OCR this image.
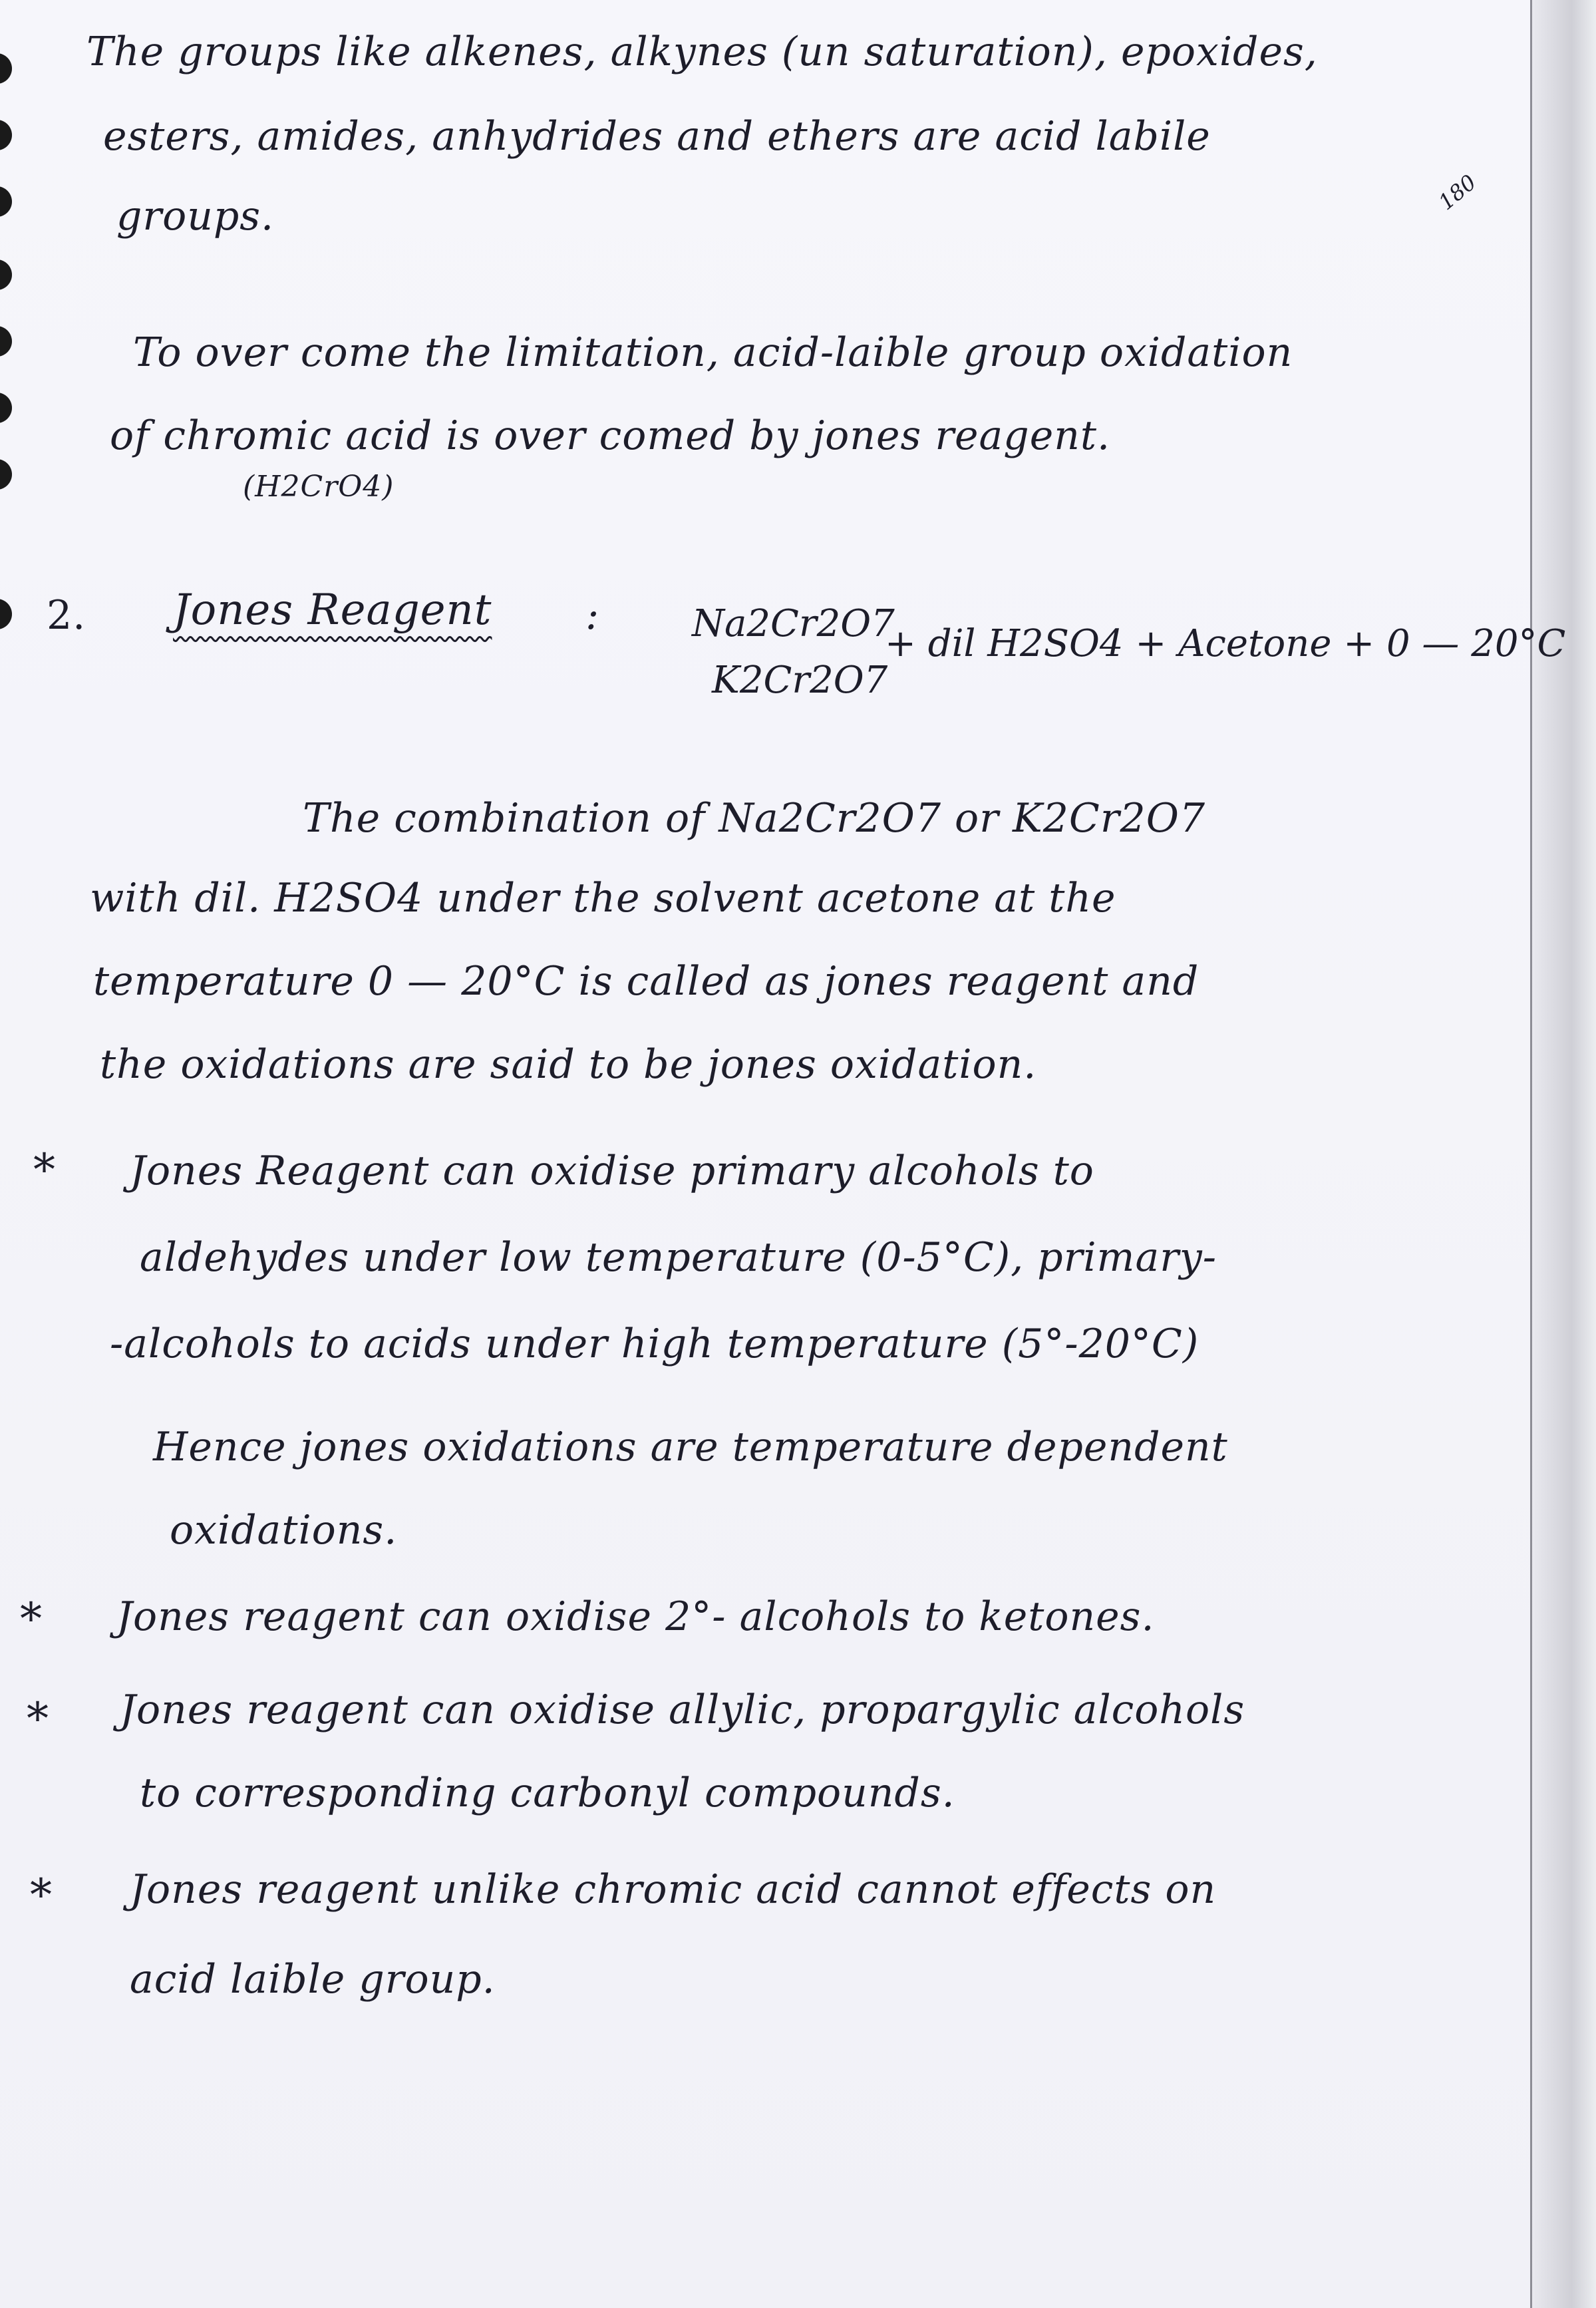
The groups like alkenes, alkynes (un saturation), epoxides,
esters, amides, anhydrides and ethers are acid labile
groups.
180
To over come the limitation, acid-laible group oxidation
of chromic acid is over comed by jones reagent.
(H2CrO4)
2. Jones Reagent : Na2Cr2O7
K2Cr2O7
+ dil H2SO4 + Acetone + 0 — 20°C
The combination of Na2Cr2O7 or K2Cr2O7
with dil. H2SO4 under the solvent acetone at the
temperature 0 — 20°C is called as jones reagent and
the oxidations are said to be jones oxidation.
* Jones Reagent can oxidise primary alcohols to
aldehydes under low temperature (0-5°C), primary-
-alcohols to acids under high temperature (5°-20°C)
Hence jones oxidations are temperature dependent
oxidations.
* Jones reagent can oxidise 2°- alcohols to ketones.
* Jones reagent can oxidise allylic, propargylic alcohols
to corresponding carbonyl compounds.
* Jones reagent unlike chromic acid cannot effects on
acid laible group.
